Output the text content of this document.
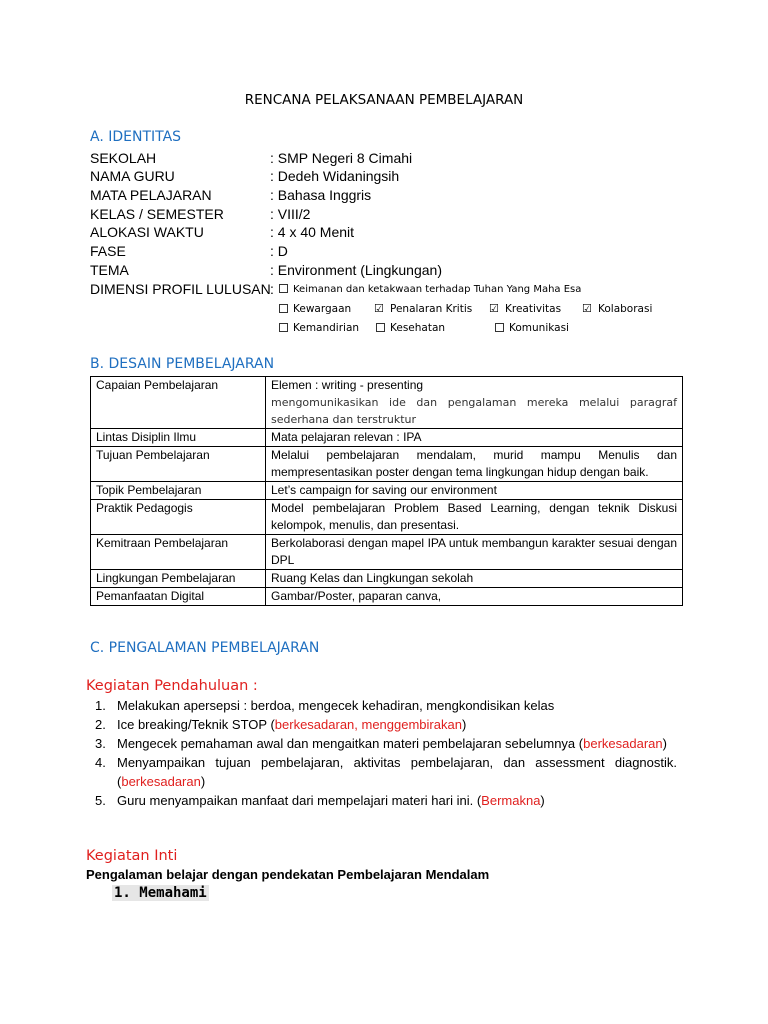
RENCANA PELAKSANAAN PEMBELAJARAN
A. IDENTITAS
SEKOLAH	: SMP Negeri 8 Cimahi
NAMA GURU	: Dedeh Widaningsih
MATA PELAJARAN	: Bahasa Inggris
KELAS / SEMESTER	: VIII/2
ALOKASI WAKTU	: 4 x 40 Menit
FASE	: D
TEMA	: Environment (Lingkungan)
DIMENSI PROFIL LULUSAN :	Keimanan dan ketakwaan terhadap Tuhan Yang Maha Esa
Kewargaan ☑ Penalaran Kritis ☑ Kreativitas ☑ Kolaborasi
Kemandirian	Kesehatan	Komunikasi
B. DESAIN PEMBELAJARAN
Capaian Pembelajaran	Elemen : writing - presenting
mengomunikasikan ide dan pengalaman mereka melalui paragraf sederhana dan terstruktur

Lintas Disiplin Ilmu	Mata pelajaran relevan : IPA
Tujuan Pembelajaran	Melalui pembelajaran mendalam, murid mampu Menulis dan mempresentasikan poster dengan tema lingkungan hidup dengan baik.
Topik Pembelajaran	Let’s campaign for saving our environment
Praktik Pedagogis	Model pembelajaran Problem Based Learning, dengan teknik Diskusi kelompok, menulis, dan presentasi.
Kemitraan Pembelajaran	Berkolaborasi dengan mapel IPA untuk membangun karakter sesuai dengan DPL
Lingkungan Pembelajaran	Ruang Kelas dan Lingkungan sekolah
Pemanfaatan Digital	Gambar/Poster, paparan canva,
C. PENGALAMAN PEMBELAJARAN
Kegiatan Pendahuluan :
1. Melakukan apersepsi : berdoa, mengecek kehadiran, mengkondisikan kelas
2. Ice breaking/Teknik STOP (berkesadaran, menggembirakan)
3. Mengecek pemahaman awal dan mengaitkan materi pembelajaran sebelumnya (berkesadaran)
4. Menyampaikan tujuan pembelajaran, aktivitas pembelajaran, dan assessment diagnostik. (berkesadaran)
5. Guru menyampaikan manfaat dari mempelajari materi hari ini. (Bermakna)
Kegiatan Inti
Pengalaman belajar dengan pendekatan Pembelajaran Mendalam
1. Memahami
